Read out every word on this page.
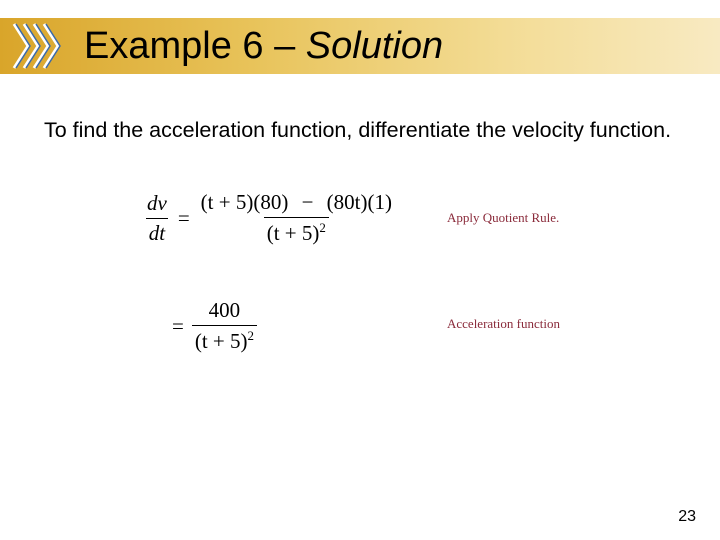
Example 6 – Solution
To find the acceleration function, differentiate the velocity function.
$\frac{dv}{dt} = \frac{(t + 5)(80) - (80t)(1)}{(t + 5)^2}$	Apply Quotient Rule.
= $\frac{400}{(t + 5)^2}$	Acceleration function
23
